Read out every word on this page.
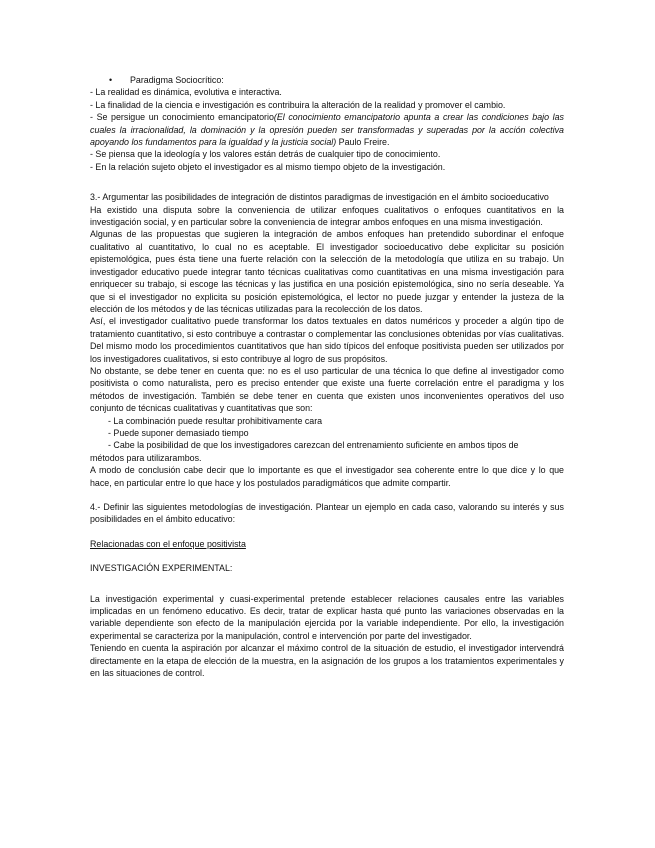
• Paradigma Sociocrítico:
- La realidad es dinámica, evolutiva e interactiva.
- La finalidad de la ciencia e investigación es contribuira la alteración de la realidad y promover el cambio.

- Se persigue un conocimiento emancipatorio(El conocimiento emancipatorio apunta a crear las condiciones bajo las cuales la irracionalidad, la dominación y la opresión pueden ser transformadas y superadas por la acción colectiva apoyando los fundamentos para la igualdad y la justicia social) Paulo Freire.

- Se piensa que la ideología y los valores están detrás de cualquier tipo de conocimiento.
- En la relación sujeto objeto el investigador es al mismo tiempo objeto de la investigación.

3.- Argumentar las posibilidades de integración de distintos paradigmas de investigación en el ámbito socioeducativo

Ha existido una disputa sobre la conveniencia de utilizar enfoques cualitativos o enfoques cuantitativos en la investigación social, y en particular sobre la conveniencia de integrar ambos enfoques en una misma investigación.

Algunas de las propuestas que sugieren la integración de ambos enfoques han pretendido subordinar el enfoque cualitativo al cuantitativo, lo cual no es aceptable. El investigador socioeducativo debe explicitar su posición epistemológica, pues ésta tiene una fuerte relación con la selección de la metodología que utiliza en su trabajo. Un investigador educativo puede integrar tanto técnicas cualitativas como cuantitativas en una misma investigación para enriquecer su trabajo, si escoge las técnicas y las justifica en una posición epistemológica, sino no sería deseable. Ya que si el investigador no explicita su posición epistemológica, el lector no puede juzgar y entender la justeza de la elección de los métodos y de las técnicas utilizadas para la recolección de los datos.

Así, el investigador cualitativo puede transformar los datos textuales en datos numéricos y proceder a algún tipo de tratamiento cuantitativo, si esto contribuye a contrastar o complementar las conclusiones obtenidas por vías cualitativas. Del mismo modo los procedimientos cuantitativos que han sido típicos del enfoque positivista pueden ser utilizados por los investigadores cualitativos, si esto contribuye al logro de sus propósitos.

No obstante, se debe tener en cuenta que: no es el uso particular de una técnica lo que define al investigador como positivista o como naturalista, pero es preciso entender que existe una fuerte correlación entre el paradigma y los métodos de investigación. También se debe tener en cuenta que existen unos inconvenientes operativos del uso conjunto de técnicas cualitativas y cuantitativas que son:

- La combinación puede resultar prohibitivamente cara
- Puede suponer demasiado tiempo
- Cabe la posibilidad de que los investigadores carezcan del entrenamiento suficiente en ambos tipos de
métodos para utilizarambos.

A modo de conclusión cabe decir que lo importante es que el investigador sea coherente entre lo que dice y lo que hace, en particular entre lo que hace y los postulados paradigmáticos que admite compartir.

4.- Definir las siguientes metodologías de investigación. Plantear un ejemplo en cada caso, valorando su interés y sus posibilidades en el ámbito educativo:

Relacionadas con el enfoque positivista
INVESTIGACIÓN EXPERIMENTAL:

La investigación experimental y cuasi-experimental pretende establecer relaciones causales entre las variables implicadas en un fenómeno educativo. Es decir, tratar de explicar hasta qué punto las variaciones observadas en la variable dependiente son efecto de la manipulación ejercida por la variable independiente. Por ello, la investigación experimental se caracteriza por la manipulación, control e intervención por parte del investigador.

Teniendo en cuenta la aspiración por alcanzar el máximo control de la situación de estudio, el investigador intervendrá directamente en la etapa de elección de la muestra, en la asignación de los grupos a los tratamientos experimentales y en las situaciones de control.
